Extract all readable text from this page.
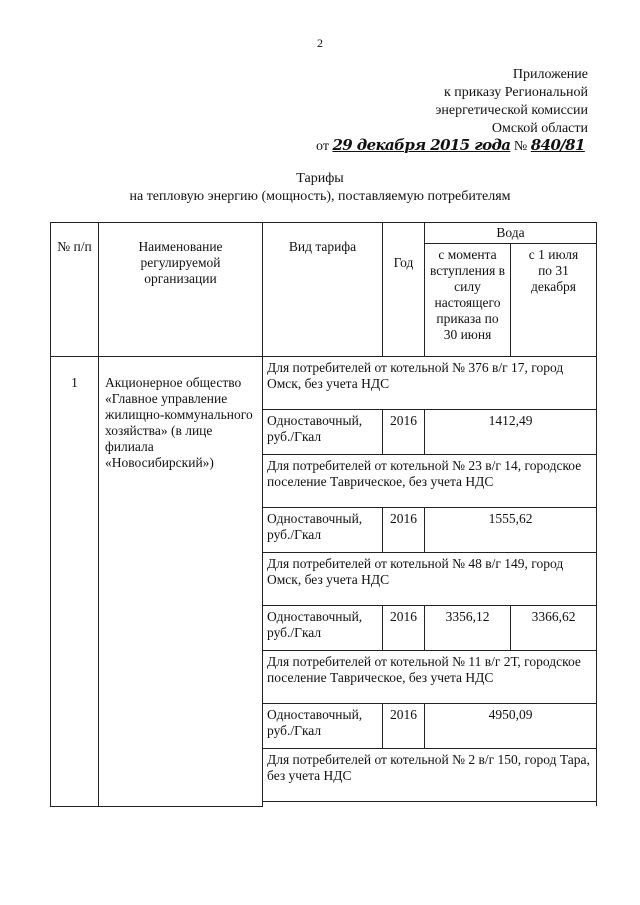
2
Приложение
к приказу Региональной
энергетической комиссии
Омской области
от 29 декабря 2015 года № 840/81
Тарифы
на тепловую энергию (мощность), поставляемую потребителям
№ п/п	Наименование регулируемой организации	Вид тарифа	Год	Вода	
				с момента вступления в силу настоящего приказа по 30 июня	с 1 июля по 31 декабря
1	Акционерное общество «Главное управление жилищно-коммунального хозяйства» (в лице филиала «Новосибирский»)	Для потребителей от котельной № 376 в/г 17, город Омск, без учета НДС			
		Одноставочный, руб./Гкал	2016	1412,49	
		Для потребителей от котельной № 23 в/г 14, городское поселение Таврическое, без учета НДС			
		Одноставочный, руб./Гкал	2016	1555,62	
		Для потребителей от котельной № 48 в/г 149, город Омск, без учета НДС			
		Одноставочный, руб./Гкал	2016	3356,12	3366,62
		Для потребителей от котельной № 11 в/г 2Т, городское поселение Таврическое, без учета НДС			
		Одноставочный, руб./Гкал	2016	4950,09	
		Для потребителей от котельной № 2 в/г 150, город Тара, без учета НДС			
